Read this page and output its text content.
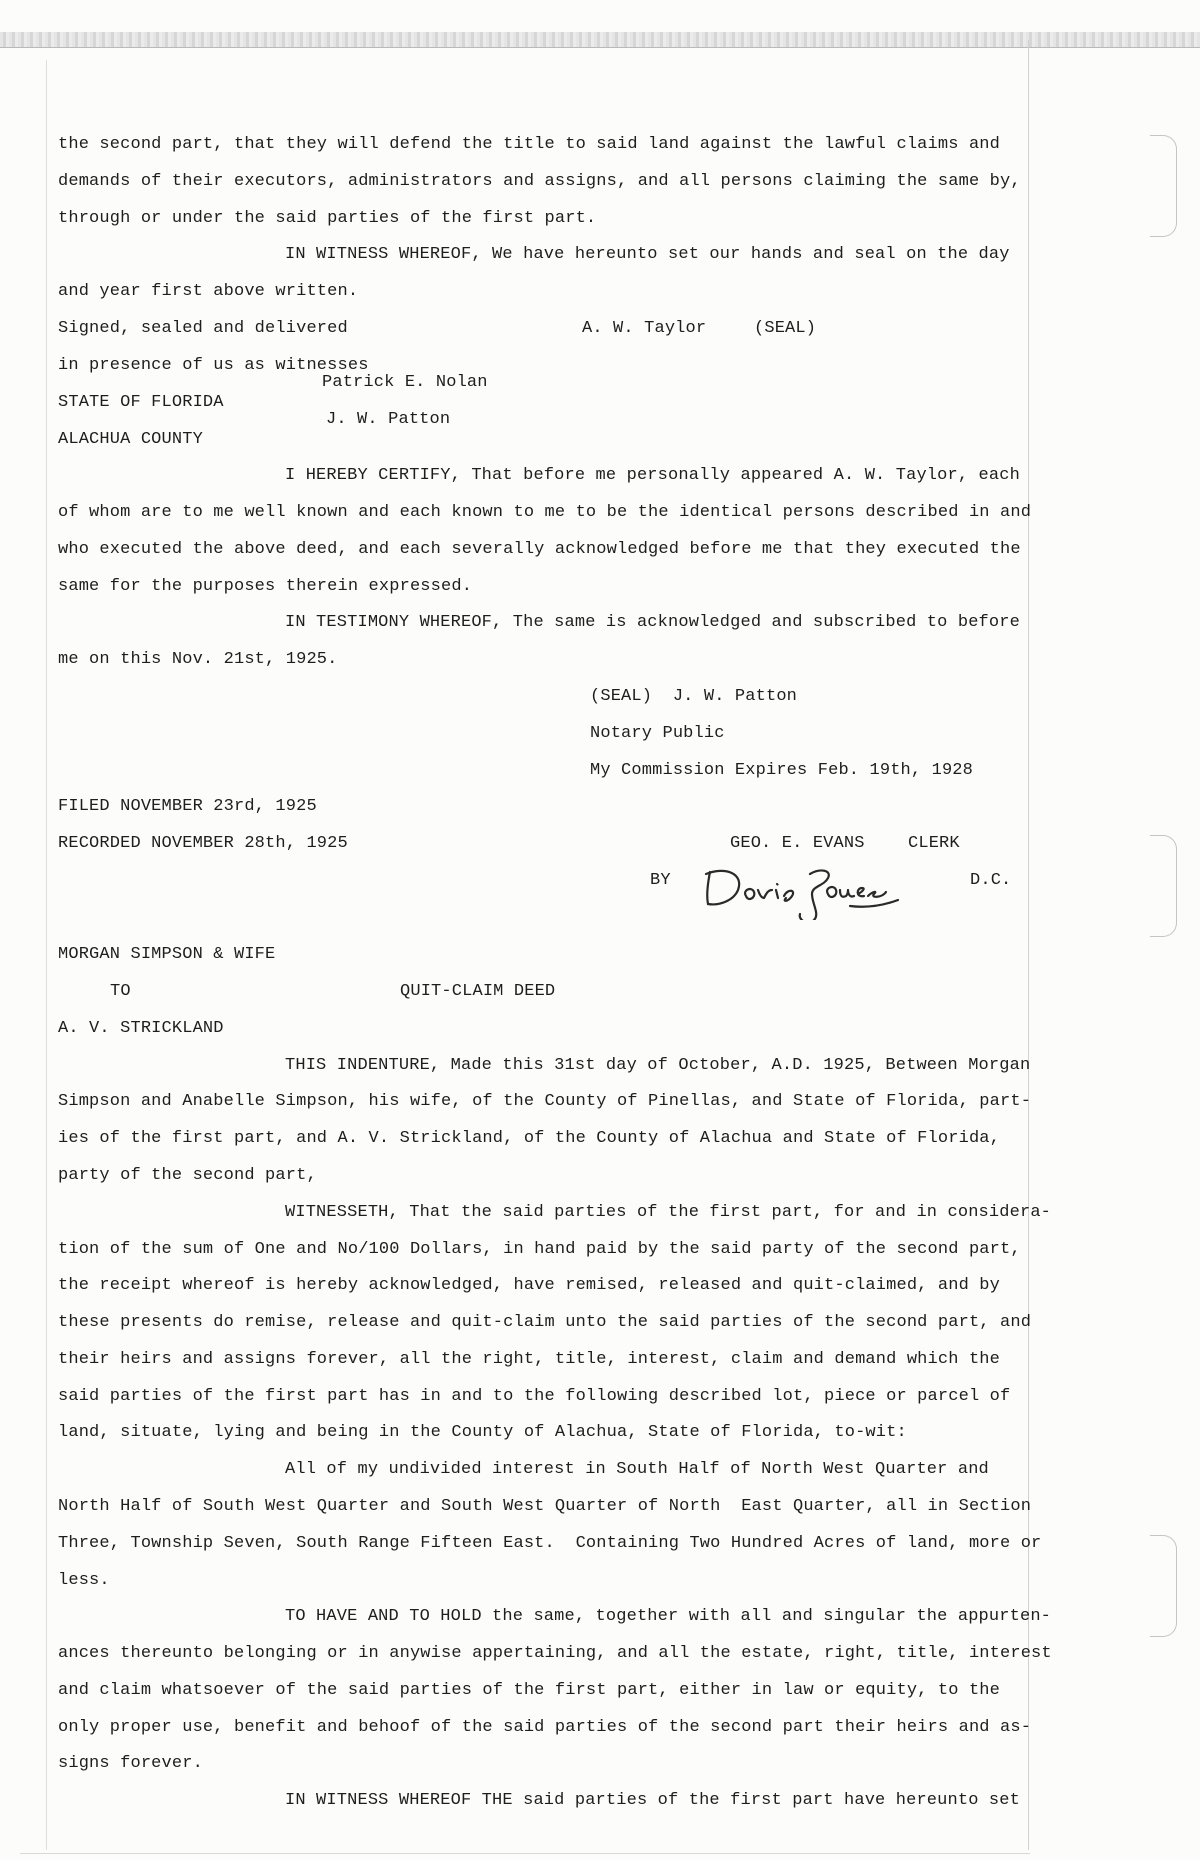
the second part, that they will defend the title to said land against the lawful claims and
demands of their executors, administrators and assigns, and all persons claiming the same by,
through or under the said parties of the first part.
IN WITNESS WHEREOF, We have hereunto set our hands and seal on the day
and year first above written.
Signed, sealed and delivered	A. W. Taylor	(SEAL)
in presence of us as witnesses
Patrick E. Nolan
STATE OF FLORIDA
J. W. Patton
ALACHUA COUNTY
I HEREBY CERTIFY, That before me personally appeared A. W. Taylor, each
of whom are to me well known and each known to me to be the identical persons described in and
who executed the above deed, and each severally acknowledged before me that they executed the
same for the purposes therein expressed.
IN TESTIMONY WHEREOF, The same is acknowledged and subscribed to before
me on this Nov. 21st, 1925.
(SEAL)  J. W. Patton
Notary Public
My Commission Expires Feb. 19th, 1928
FILED NOVEMBER 23rd, 1925
RECORDED NOVEMBER 28th, 1925	GEO. E. EVANS	CLERK
BY	D.C.
MORGAN SIMPSON & WIFE
TO	QUIT-CLAIM DEED
A. V. STRICKLAND
THIS INDENTURE, Made this 31st day of October, A.D. 1925, Between Morgan
Simpson and Anabelle Simpson, his wife, of the County of Pinellas, and State of Florida, part-
ies of the first part, and A. V. Strickland, of the County of Alachua and State of Florida,
party of the second part,
WITNESSETH, That the said parties of the first part, for and in considera-
tion of the sum of One and No/100 Dollars, in hand paid by the said party of the second part,
the receipt whereof is hereby acknowledged, have remised, released and quit-claimed, and by
these presents do remise, release and quit-claim unto the said parties of the second part, and
their heirs and assigns forever, all the right, title, interest, claim and demand which the
said parties of the first part has in and to the following described lot, piece or parcel of
land, situate, lying and being in the County of Alachua, State of Florida, to-wit:
All of my undivided interest in South Half of North West Quarter and
North Half of South West Quarter and South West Quarter of North  East Quarter, all in Section
Three, Township Seven, South Range Fifteen East.  Containing Two Hundred Acres of land, more or
less.
TO HAVE AND TO HOLD the same, together with all and singular the appurten-
ances thereunto belonging or in anywise appertaining, and all the estate, right, title, interest
and claim whatsoever of the said parties of the first part, either in law or equity, to the
only proper use, benefit and behoof of the said parties of the second part their heirs and as-
signs forever.
IN WITNESS WHEREOF THE said parties of the first part have hereunto set
